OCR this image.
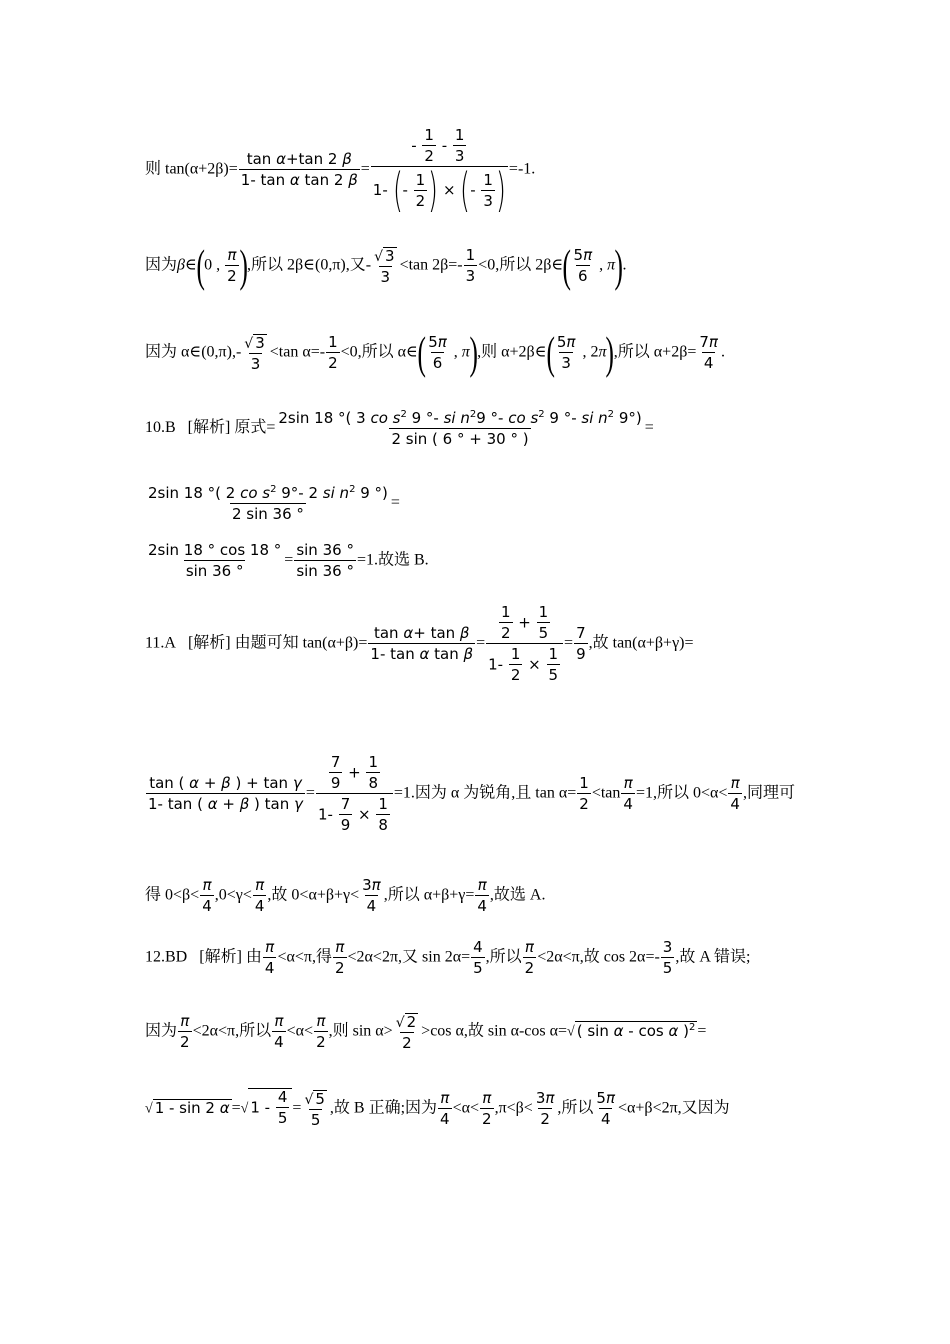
则 $\tan(\alpha+2\beta)= \frac{\text{tan α+tan 2 β}}{\text{1- tan α tan 2 β}} = \frac{- \frac{1}{2} - \frac{1}{3}}{1- (- \frac{1}{2} ) \times (- \frac{1}{3} )} =-1$.
因为β∈(0 , $\frac{\pi}{2}$ ),所以 2β∈(0,π),又- $\frac{√ 3}{3} <\tan$ $2\beta=- \frac{1}{3} <0$,所以 2β∈( $\frac{5\pi}{6}$ , π).
因为 α∈(0,π),- $\frac{√ 3}{3} <\tan$ $\alpha=- \frac{1}{2} <0$,所以 α∈( $\frac{5\pi}{6}$ , π),则 α+2β∈( $\frac{5\pi}{3}$ , 2π),所以 $\alpha+2\beta= \frac{7\pi}{4}$ .
10.B [解析] 原式= $\frac{2\sin 18 ^\circ( 3 co s^2 9 ^\circ- si n^29 ^\circ- co s^2 9 ^\circ- si n^2 9^\circ)}{2 \sin ( 6 ^\circ + 30 ^\circ )}$ =
$\frac{2\sin 18 ^\circ( 2 co s^2 9^\circ- 2 si n^2 9 ^\circ)}{2 \sin 36 ^\circ}$ =
$\frac{2\sin 18 ^\circ \cos 18 ^\circ}{\sin 36 ^\circ} = \frac{\sin 36 ^\circ}{\sin 36 ^\circ} =1$.故选 B.
11.A [解析] 由题可知 $\tan(\alpha+\beta)= \frac{\text{tan α+ tan β}}{\text{1- tan α tan β}} = \frac{\frac{1}{2} + \frac{1}{5}}{1- \frac{1}{2} \times \frac{1}{5}} = \frac{7}{9}$ ,故 tan(α+β+γ)=
$\frac{\text{tan ( α + β ) + tan γ}}{\text{1- tan ( α + β ) tan γ}} = \frac{\frac{7}{9} + \frac{1}{8}}{1- \frac{7}{9} \times \frac{1}{8}} =1$.因为 α 为锐角,且 $\tan \alpha= \frac{1}{2} <\tan \frac{\pi}{4} =1$,所以 $0<\alpha< \frac{\pi}{4}$ ,同理可
得 $0<\beta< \frac{\pi}{4} ,0<\gamma< \frac{\pi}{4}$ ,故 $0<\alpha+\beta+\gamma< \frac{3\pi}{4}$ ,所以 $\alpha+\beta+\gamma= \frac{\pi}{4}$ ,故选 A.
12.BD [解析] 由 $\frac{\pi}{4} <\alpha<\pi$,得 $\frac{\pi}{2} <2\alpha<2\pi$,又 $\sin 2\alpha= \frac{4}{5}$ ,所以 $\frac{\pi}{2} <2\alpha<\pi$,故 $\cos 2\alpha=- \frac{3}{5}$ ,故 A 错误;
因为 $\frac{\pi}{2} <2\alpha<\pi$,所以 $\frac{\pi}{4} <\alpha< \frac{\pi}{2}$ ,则 $\sin \alpha> \frac{√ 2}{2} >\cos$ α,故 sin α-cos α=√ ( sin α - cos α )$^2$ =
√ 1 - sin 2 α =√ $1 - \frac{4}{5} = \frac{√ 5}{5}$ ,故 B 正确;因为 $\frac{\pi}{4} <\alpha< \frac{\pi}{2} ,\pi<\beta< \frac{3\pi}{2}$ ,所以 $\frac{5\pi}{4} <\alpha+\beta<2\pi$,又因为
